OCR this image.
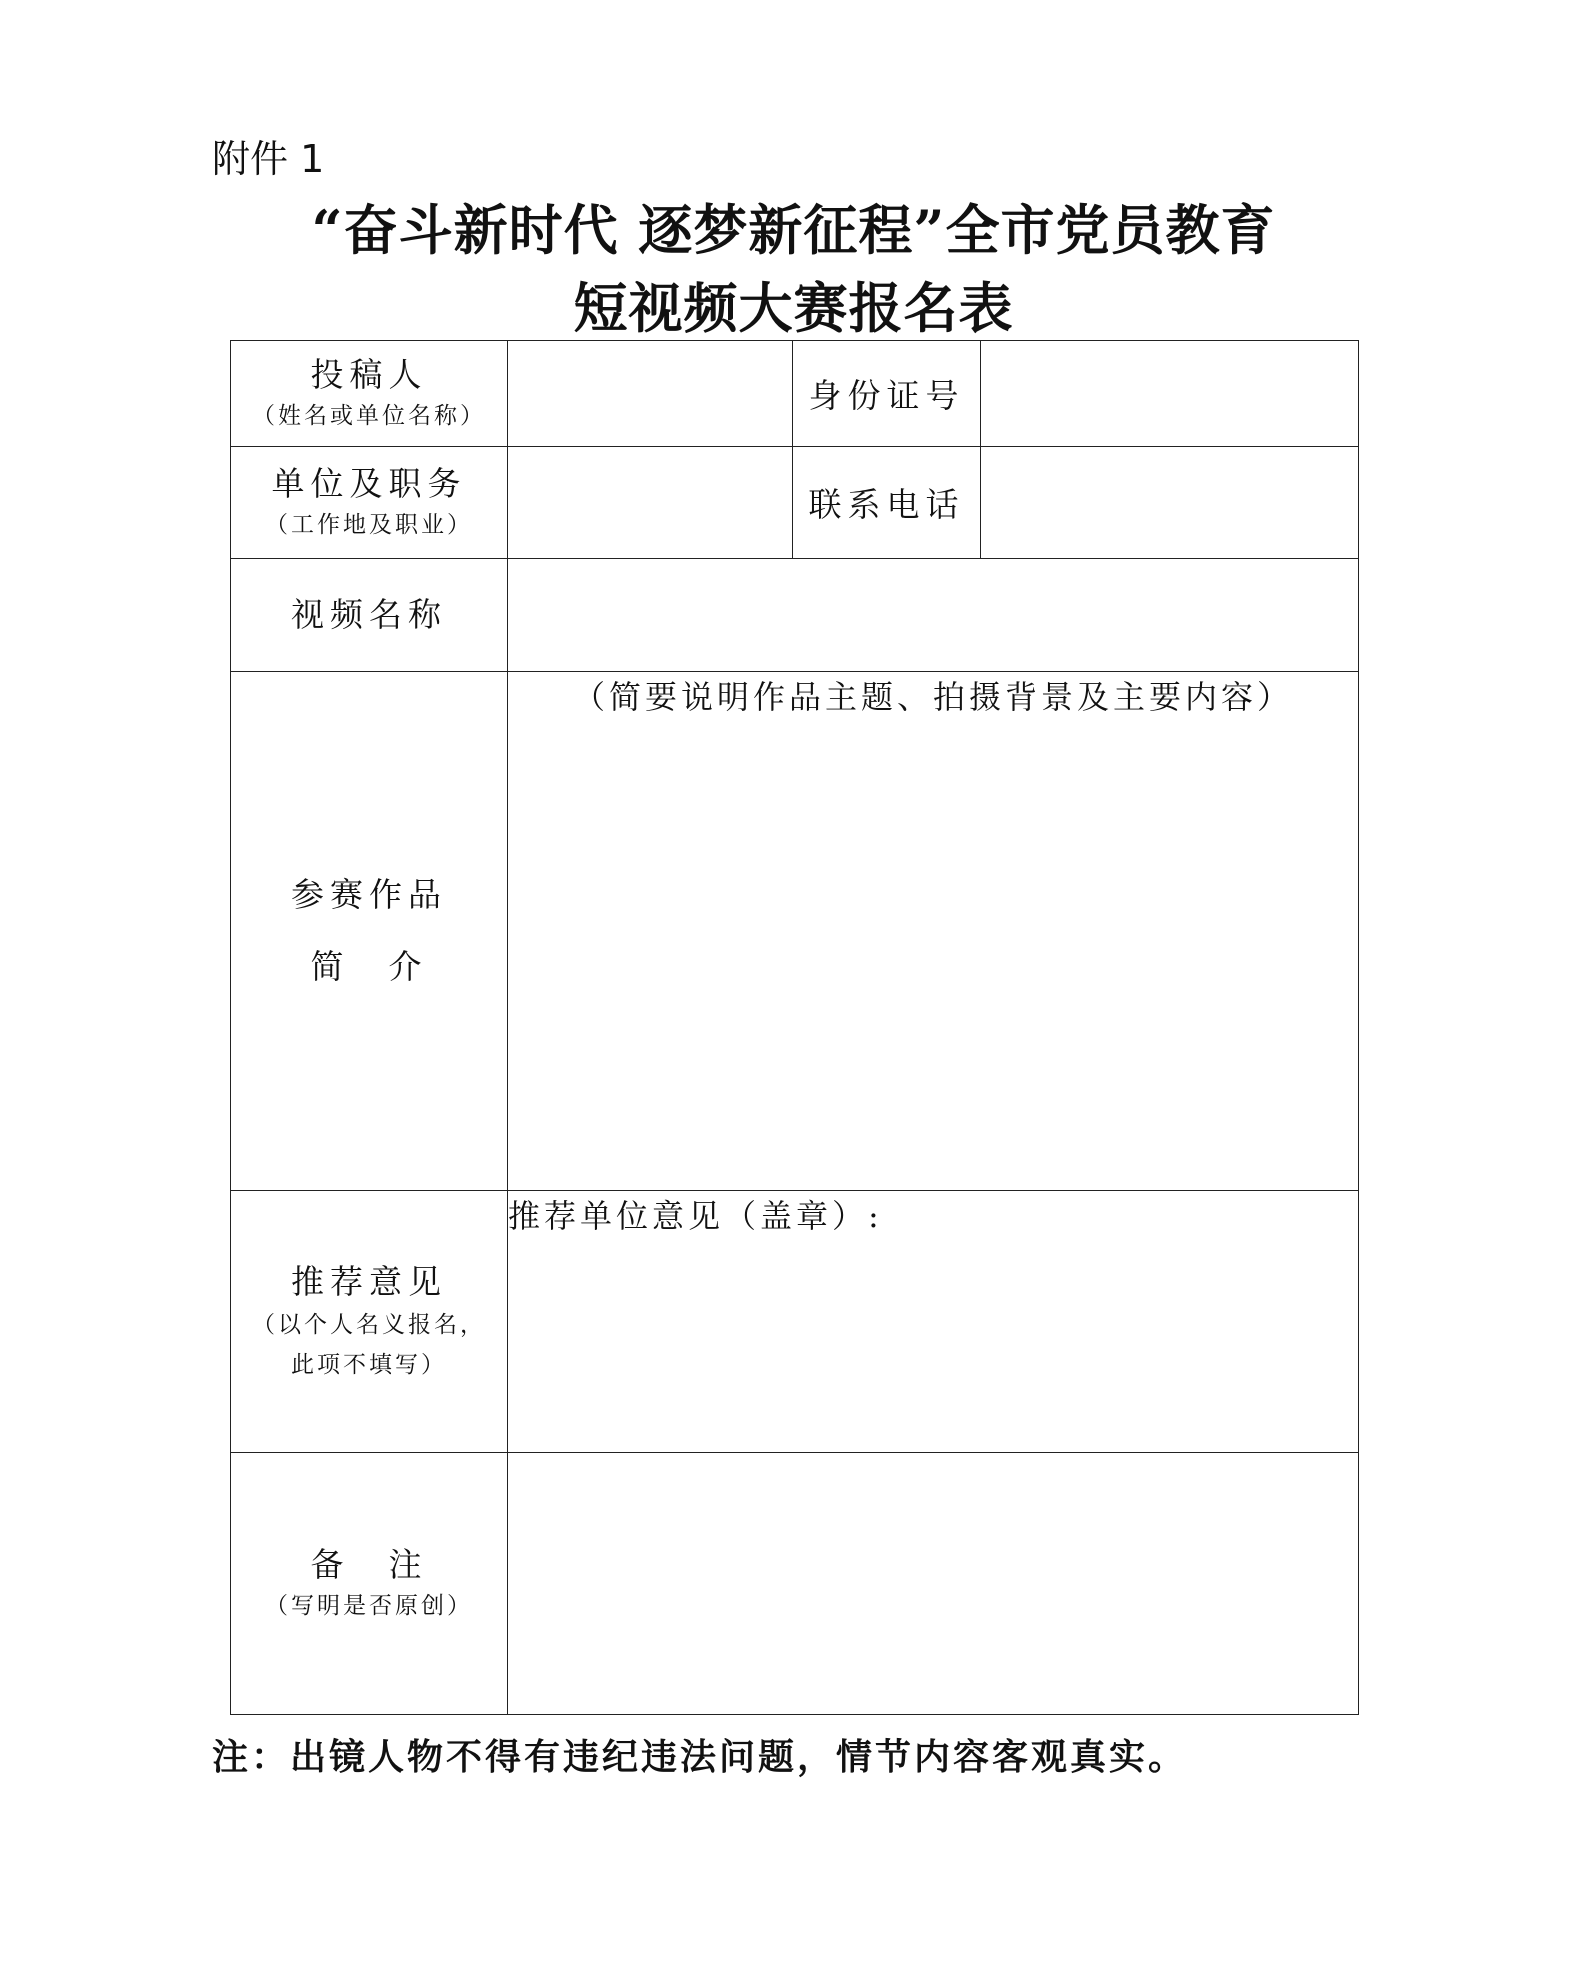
附件 1
“奋斗新时代 逐梦新征程”全市党员教育
短视频大赛报名表
投稿人
（姓名或单位名称）		身份证号	
单位及职务
（工作地及职业）		联系电话	
视频名称			

参赛作品
简　介	（简要说明作品主题、拍摄背景及主要内容）		
推荐意见
（以个人名义报名，
此项不填写）	推荐单位意见（盖章）:		
备　注
（写明是否原创）			

注：出镜人物不得有违纪违法问题，情节内容客观真实。
